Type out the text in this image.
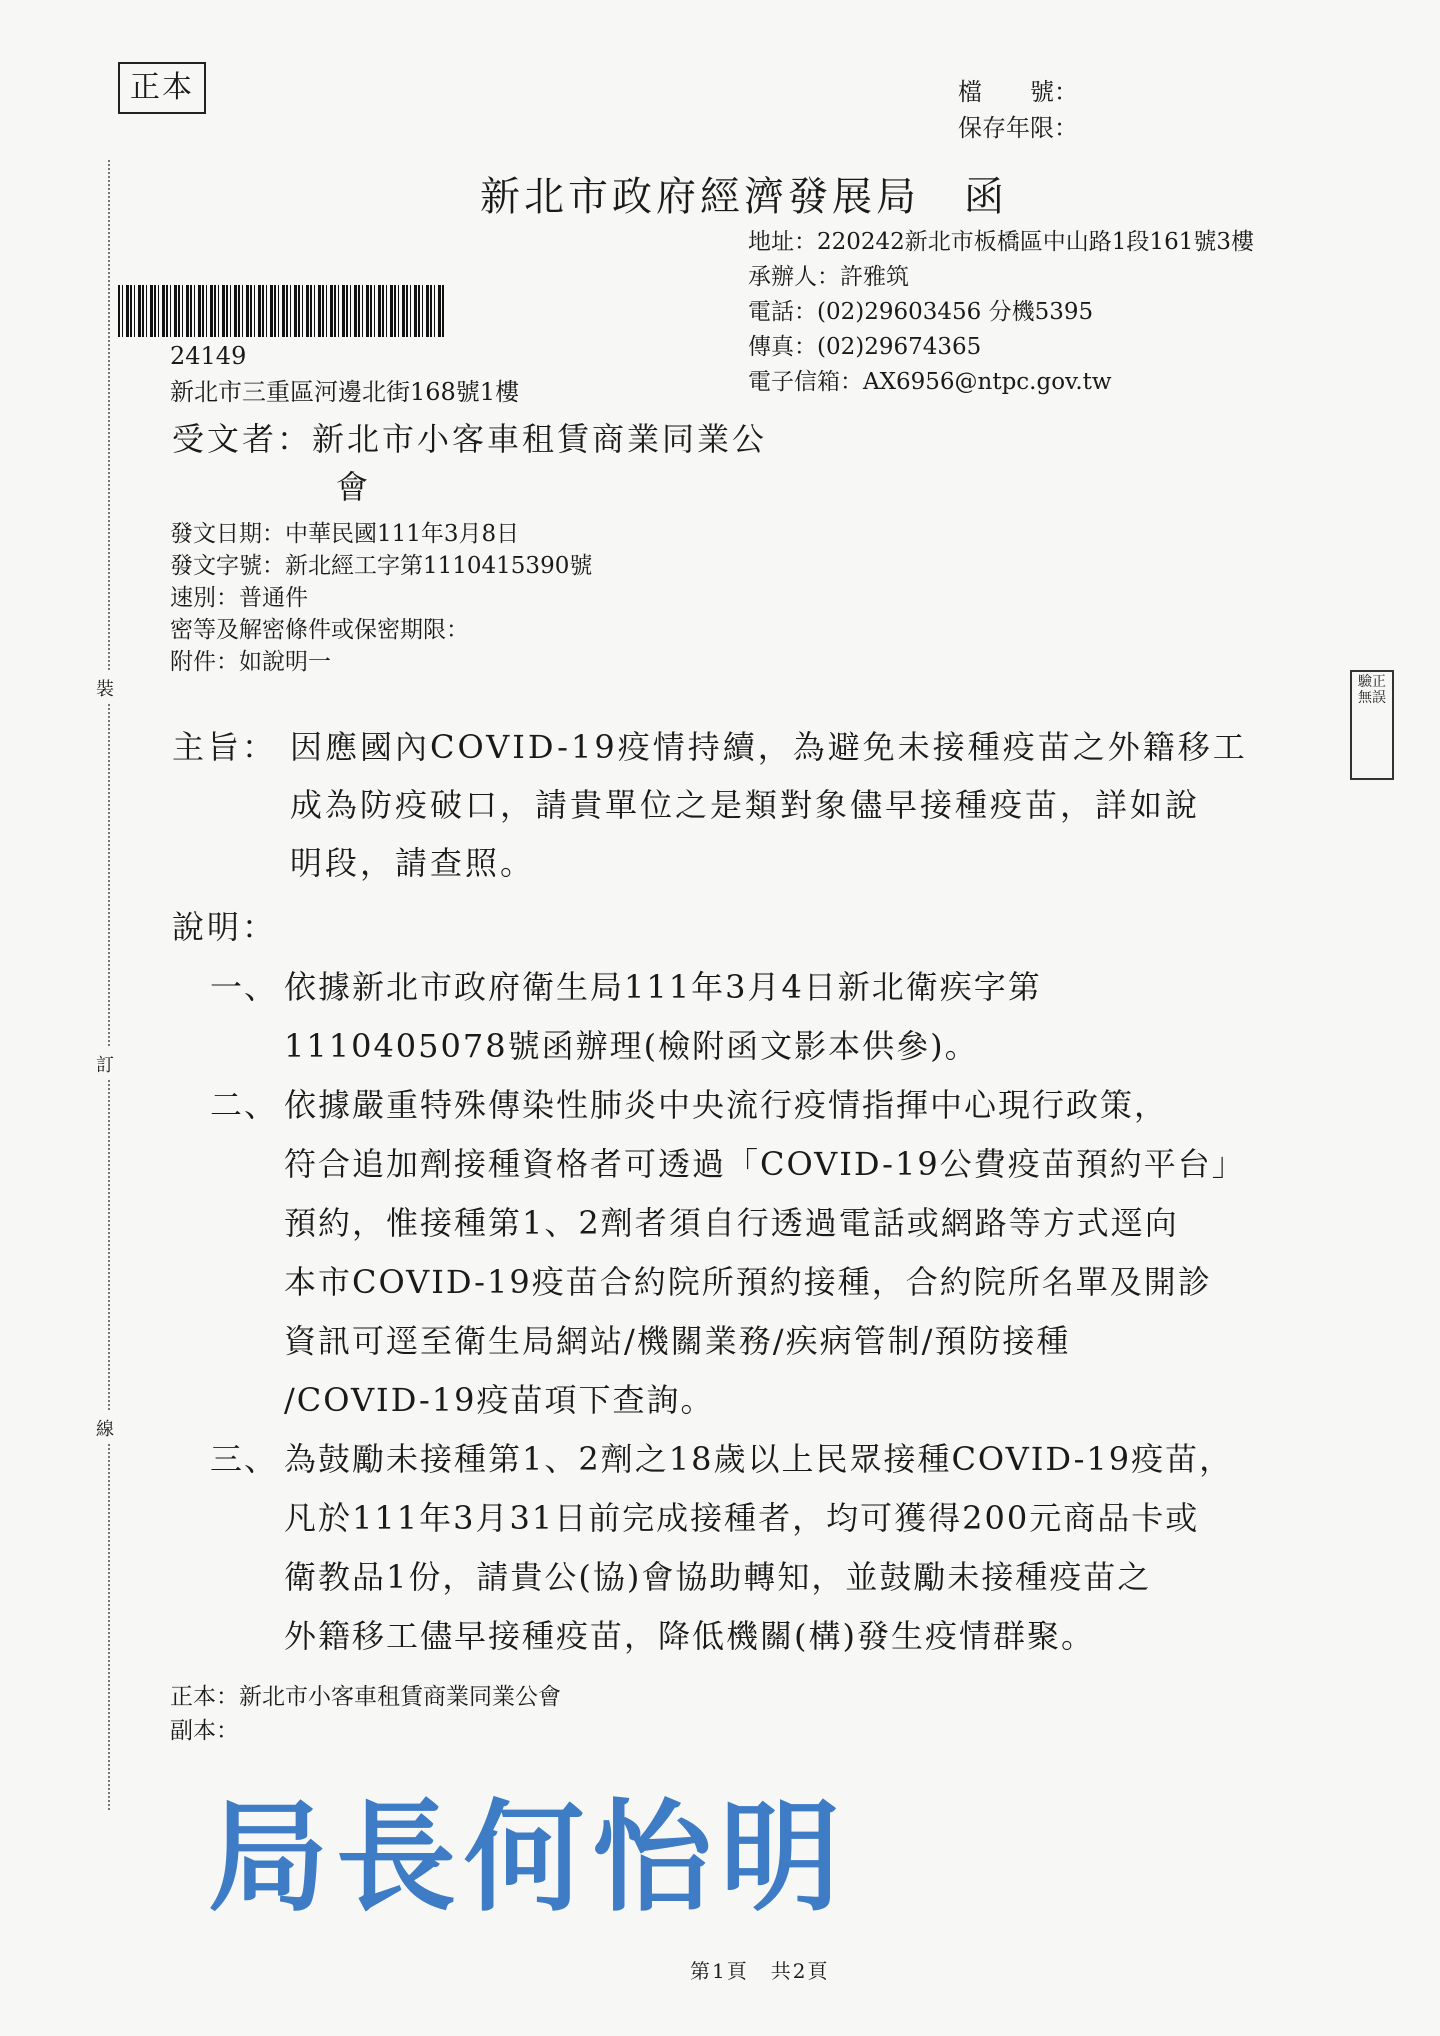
裝
訂
線
正本	檔　　號：
保存年限：
新北市政府經濟發展局　函
地址：220242新北市板橋區中山路1段161號3樓
承辦人：許雅筑
電話：(02)29603456 分機5395
傳真：(02)29674365
電子信箱：AX6956@ntpc.gov.tw
24149
新北市三重區河邊北街168號1樓
受文者：新北市小客車租賃商業同業公
會
發文日期：中華民國111年3月8日
發文字號：新北經工字第1110415390號
速別：普通件
密等及解密條件或保密期限：
附件：如說明一
主旨： 因應國內COVID-19疫情持續，為避免未接種疫苗之外籍移工
成為防疫破口，請貴單位之是類對象儘早接種疫苗，詳如說
明段，請查照。
說明：
一、 依據新北市政府衛生局111年3月4日新北衛疾字第
1110405078號函辦理(檢附函文影本供參)。
二、 依據嚴重特殊傳染性肺炎中央流行疫情指揮中心現行政策，
符合追加劑接種資格者可透過「COVID-19公費疫苗預約平台」
預約，惟接種第1、2劑者須自行透過電話或網路等方式逕向
本市COVID-19疫苗合約院所預約接種，合約院所名單及開診
資訊可逕至衛生局網站/機關業務/疾病管制/預防接種
/COVID-19疫苗項下查詢。
三、 為鼓勵未接種第1、2劑之18歲以上民眾接種COVID-19疫苗，
凡於111年3月31日前完成接種者，均可獲得200元商品卡或
衛教品1份，請貴公(協)會協助轉知，並鼓勵未接種疫苗之
外籍移工儘早接種疫苗，降低機關(構)發生疫情群聚。
正本：新北市小客車租賃商業同業公會
副本：
局長何怡明
第1頁　共2頁
驗正無誤
